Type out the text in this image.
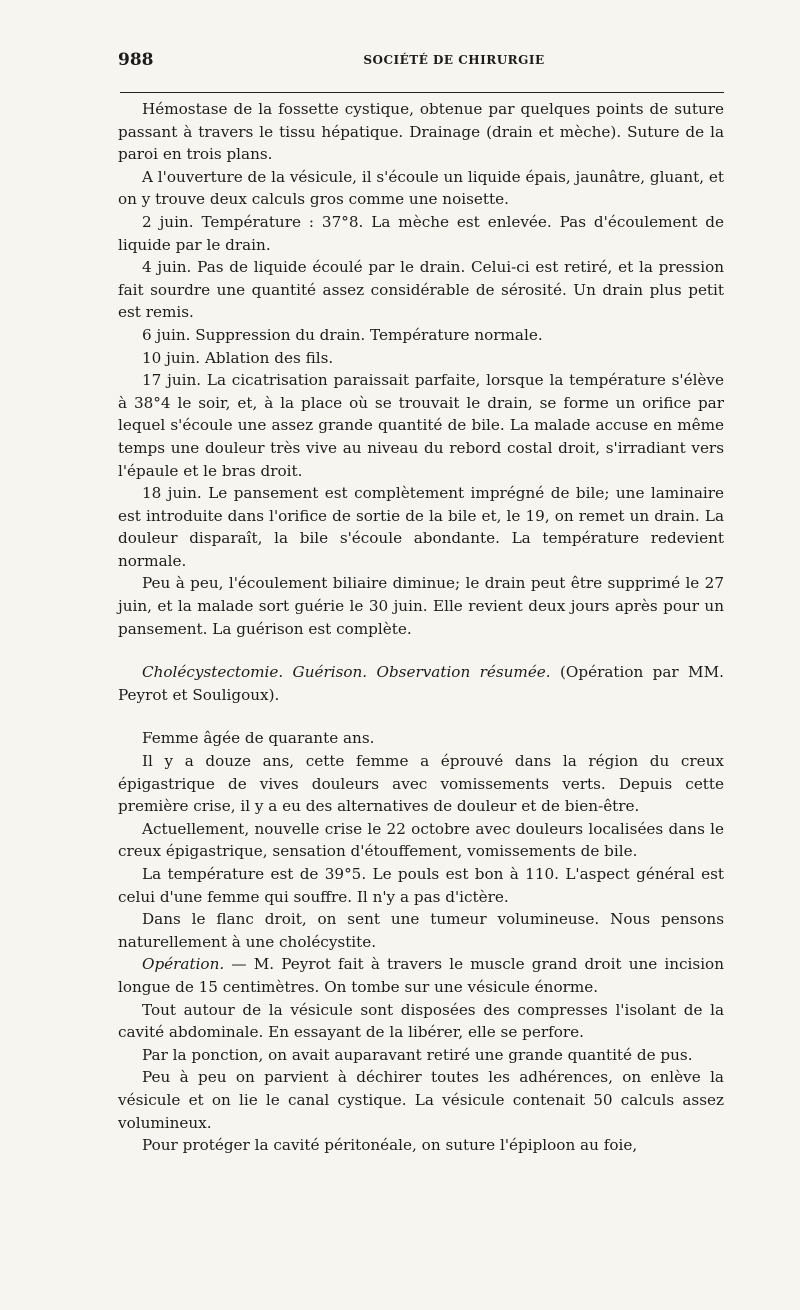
988	SOCIÉTÉ DE CHIRURGIE

Hémostase de la fossette cystique, obtenue par quelques points de suture passant à travers le tissu hépatique. Drainage (drain et mèche). Suture de la paroi en trois plans.

A l'ouverture de la vésicule, il s'écoule un liquide épais, jaunâtre, gluant, et on y trouve deux calculs gros comme une noisette.

2 juin. Température : 37°8. La mèche est enlevée. Pas d'écoulement de liquide par le drain.

4 juin. Pas de liquide écoulé par le drain. Celui-ci est retiré, et la pression fait sourdre une quantité assez considérable de sérosité. Un drain plus petit est remis.

6 juin. Suppression du drain. Température normale.

10 juin. Ablation des fils.

17 juin. La cicatrisation paraissait parfaite, lorsque la température s'élève à 38°4 le soir, et, à la place où se trouvait le drain, se forme un orifice par lequel s'écoule une assez grande quantité de bile. La malade accuse en même temps une douleur très vive au niveau du rebord costal droit, s'irradiant vers l'épaule et le bras droit.

18 juin. Le pansement est complètement imprégné de bile; une laminaire est introduite dans l'orifice de sortie de la bile et, le 19, on remet un drain. La douleur disparaît, la bile s'écoule abondante. La température redevient normale.

Peu à peu, l'écoulement biliaire diminue; le drain peut être supprimé le 27 juin, et la malade sort guérie le 30 juin. Elle revient deux jours après pour un pansement. La guérison est complète.

Cholécystectomie. Guérison. Observation résumée. (Opération par MM. Peyrot et Souligoux).

Femme âgée de quarante ans.

Il y a douze ans, cette femme a éprouvé dans la région du creux épigastrique de vives douleurs avec vomissements verts. Depuis cette première crise, il y a eu des alternatives de douleur et de bien-être.

Actuellement, nouvelle crise le 22 octobre avec douleurs localisées dans le creux épigastrique, sensation d'étouffement, vomissements de bile.

La température est de 39°5. Le pouls est bon à 110. L'aspect général est celui d'une femme qui souffre. Il n'y a pas d'ictère.

Dans le flanc droit, on sent une tumeur volumineuse. Nous pensons naturellement à une cholécystite.

Opération. — M. Peyrot fait à travers le muscle grand droit une incision longue de 15 centimètres. On tombe sur une vésicule énorme.

Tout autour de la vésicule sont disposées des compresses l'isolant de la cavité abdominale. En essayant de la libérer, elle se perfore.

Par la ponction, on avait auparavant retiré une grande quantité de pus.

Peu à peu on parvient à déchirer toutes les adhérences, on enlève la vésicule et on lie le canal cystique. La vésicule contenait 50 calculs assez volumineux.

Pour protéger la cavité péritonéale, on suture l'épiploon au foie,
